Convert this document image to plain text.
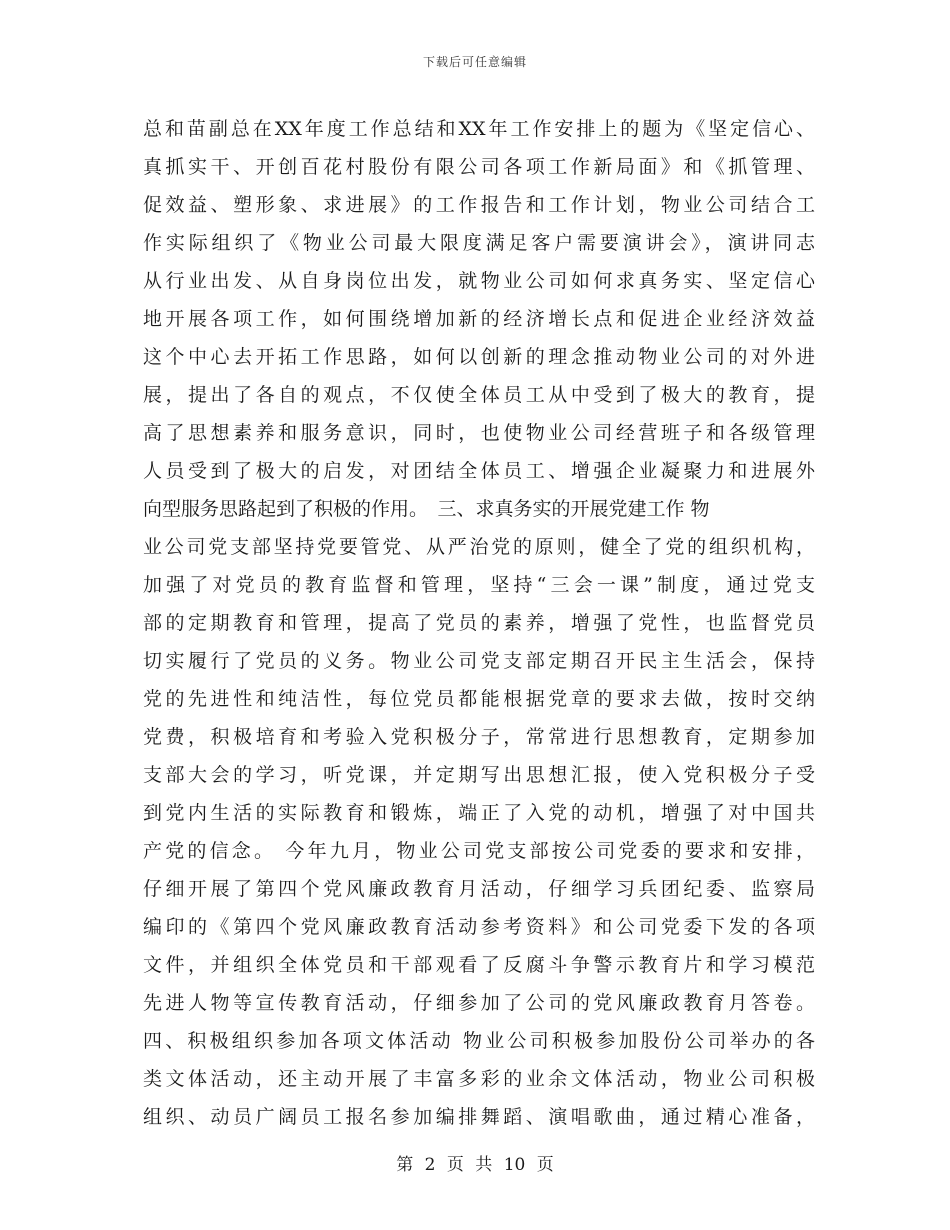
下载后可任意编辑
总和苗副总在XX年度工作总结和XX年工作安排上的题为《坚定信心、
真抓实干、开创百花村股份有限公司各项工作新局面》和《抓管理、
促效益、塑形象、求进展》的工作报告和工作计划，物业公司结合工
作实际组织了《物业公司最大限度满足客户需要演讲会》，演讲同志
从行业出发、从自身岗位出发，就物业公司如何求真务实、坚定信心
地开展各项工作，如何围绕增加新的经济增长点和促进企业经济效益
这个中心去开拓工作思路，如何以创新的理念推动物业公司的对外进
展，提出了各自的观点，不仅使全体员工从中受到了极大的教育，提
高了思想素养和服务意识，同时，也使物业公司经营班子和各级管理
人员受到了极大的启发，对团结全体员工、增强企业凝聚力和进展外
向型服务思路起到了积极的作用。　三、求真务实的开展党建工作 物
业公司党支部坚持党要管党、从严治党的原则，健全了党的组织机构，
加强了对党员的教育监督和管理，坚持“三会一课”制度，通过党支
部的定期教育和管理，提高了党员的素养，增强了党性，也监督党员
切实履行了党员的义务。物业公司党支部定期召开民主生活会，保持
党的先进性和纯洁性，每位党员都能根据党章的要求去做，按时交纳
党费，积极培育和考验入党积极分子，常常进行思想教育，定期参加
支部大会的学习，听党课，并定期写出思想汇报，使入党积极分子受
到党内生活的实际教育和锻炼，端正了入党的动机，增强了对中国共
产党的信念。 今年九月，物业公司党支部按公司党委的要求和安排，
仔细开展了第四个党风廉政教育月活动，仔细学习兵团纪委、监察局
编印的《第四个党风廉政教育活动参考资料》和公司党委下发的各项
文件，并组织全体党员和干部观看了反腐斗争警示教育片和学习模范
先进人物等宣传教育活动，仔细参加了公司的党风廉政教育月答卷。
四、积极组织参加各项文体活动 物业公司积极参加股份公司举办的各
类文体活动，还主动开展了丰富多彩的业余文体活动，物业公司积极
组织、动员广阔员工报名参加编排舞蹈、演唱歌曲，通过精心准备，
第 2 页 共 10 页
